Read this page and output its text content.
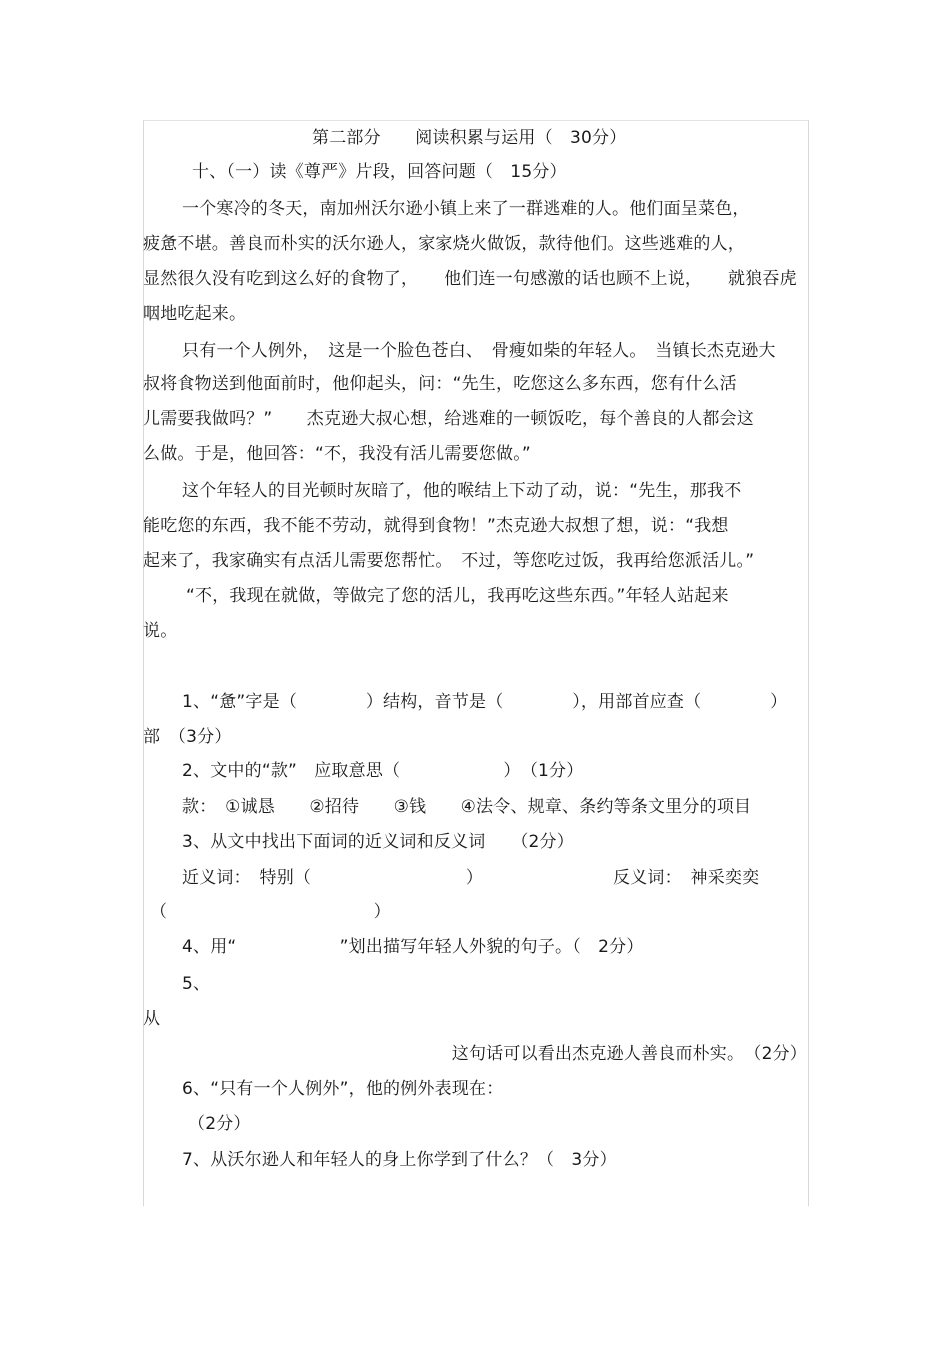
第二部分　　阅读积累与运用（　30分）
十、（一）读《尊严》片段，回答问题（　15分）
一个寒冷的冬天，南加州沃尔逊小镇上来了一群逃难的人。他们面呈菜色，
疲惫不堪。善良而朴实的沃尔逊人，家家烧火做饭，款待他们。这些逃难的人，
显然很久没有吃到这么好的食物了，　　他们连一句感激的话也顾不上说，　　就狼吞虎
咽地吃起来。
只有一个人例外，　这是一个脸色苍白、　骨瘦如柴的年轻人。　当镇长杰克逊大
叔将食物送到他面前时，他仰起头，问：“先生，吃您这么多东西，您有什么活
儿需要我做吗？”　　杰克逊大叔心想，给逃难的一顿饭吃，每个善良的人都会这
么做。于是，他回答：“不，我没有活儿需要您做。”
这个年轻人的目光顿时灰暗了，他的喉结上下动了动，说：“先生，那我不
能吃您的东西，我不能不劳动，就得到食物！”杰克逊大叔想了想，说：“我想
起来了，我家确实有点活儿需要您帮忙。　不过，等您吃过饭，我再给您派活儿。”
“不，我现在就做，等做完了您的活儿，我再吃这些东西。”年轻人站起来
说。
1、“惫”字是（　　　　）结构，音节是（　　　　），用部首应查（　　　　）
部　（3分）
2、文中的“款”　应取意思（　　　　　　）　（1分）
款：　①诚恳　　②招待　　③钱　　④法令、规章、条约等条文里分的项目
3、从文中找出下面词的近义词和反义词　　（2分）
近义词：　特别（　　　　　　　　　）	反义词：　神采奕奕
（　　　　　　　　　　　　）
4、用“　　　　　　”划出描写年轻人外貌的句子。（　2分）
5、
从
这句话可以看出杰克逊人善良而朴实。　（2分）
6、“只有一个人例外”，他的例外表现在：
（2分）
7、从沃尔逊人和年轻人的身上你学到了什么？（　3分）
